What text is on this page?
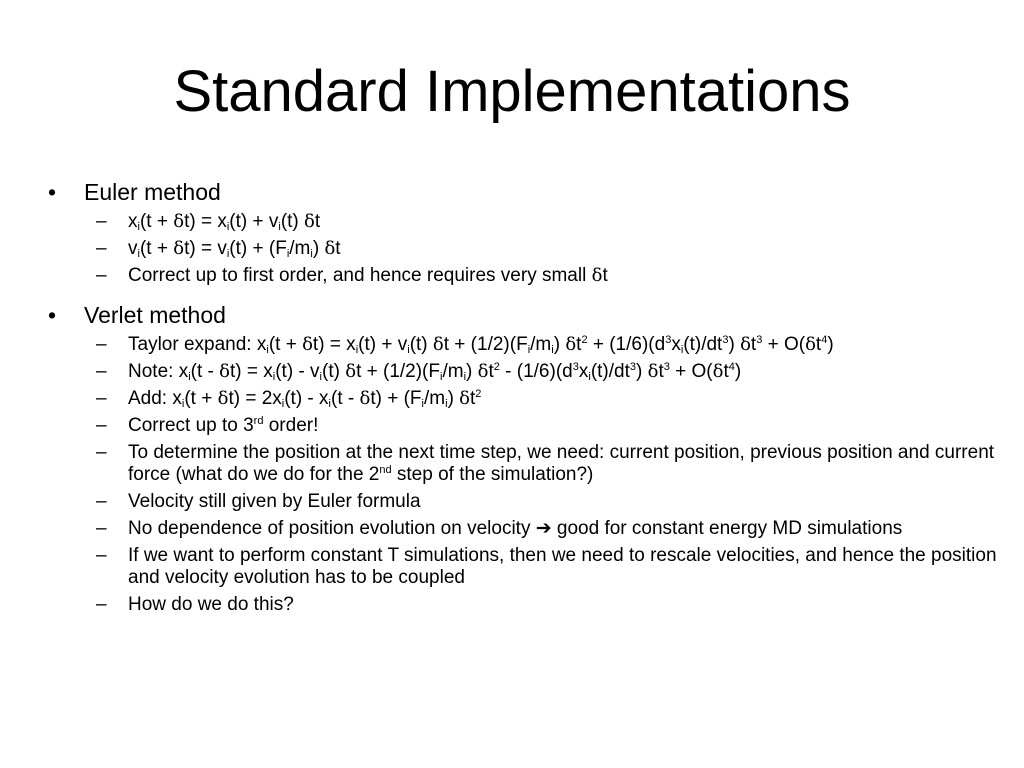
Standard Implementations
• Euler method
– $x_i(t + \delta t) = x_i(t) + v_i(t)$ δt
– $v_i(t + \delta t) = v_i(t) + (F_i/m_i)$ δt
– Correct up to first order, and hence requires very small δt
• Verlet method
– Taylor expand: $x_i(t + \delta t) = x_i(t) + v_i(t) \delta t + (1/2)(F_i/m_i) \delta t^2 + (1/6)(d^3x_i(t)/dt^3) \delta t^3 + O(\delta t^4)$
– Note: $x_i(t - \delta t) = x_i(t) - v_i(t) \delta t + (1/2)(F_i/m_i)$ $\delta t^2 - (1/6)(d^3x_i(t)/dt^3) \delta t^3 + O(\delta t^4)$
– Add: $x_i(t + \delta t) = 2x_i(t) - x_i(t - \delta t) + (F_i/m_i)$ $\delta t^2$
– Correct up to 3rd order!
– To determine the position at the next time step, we need: current position, previous position and current force (what do we do for the 2nd step of the simulation?)
– Velocity still given by Euler formula
– No dependence of position evolution on velocity ➔ good for constant energy MD simulations
– If we want to perform constant T simulations, then we need to rescale velocities, and hence the position and velocity evolution has to be coupled
– How do we do this?
